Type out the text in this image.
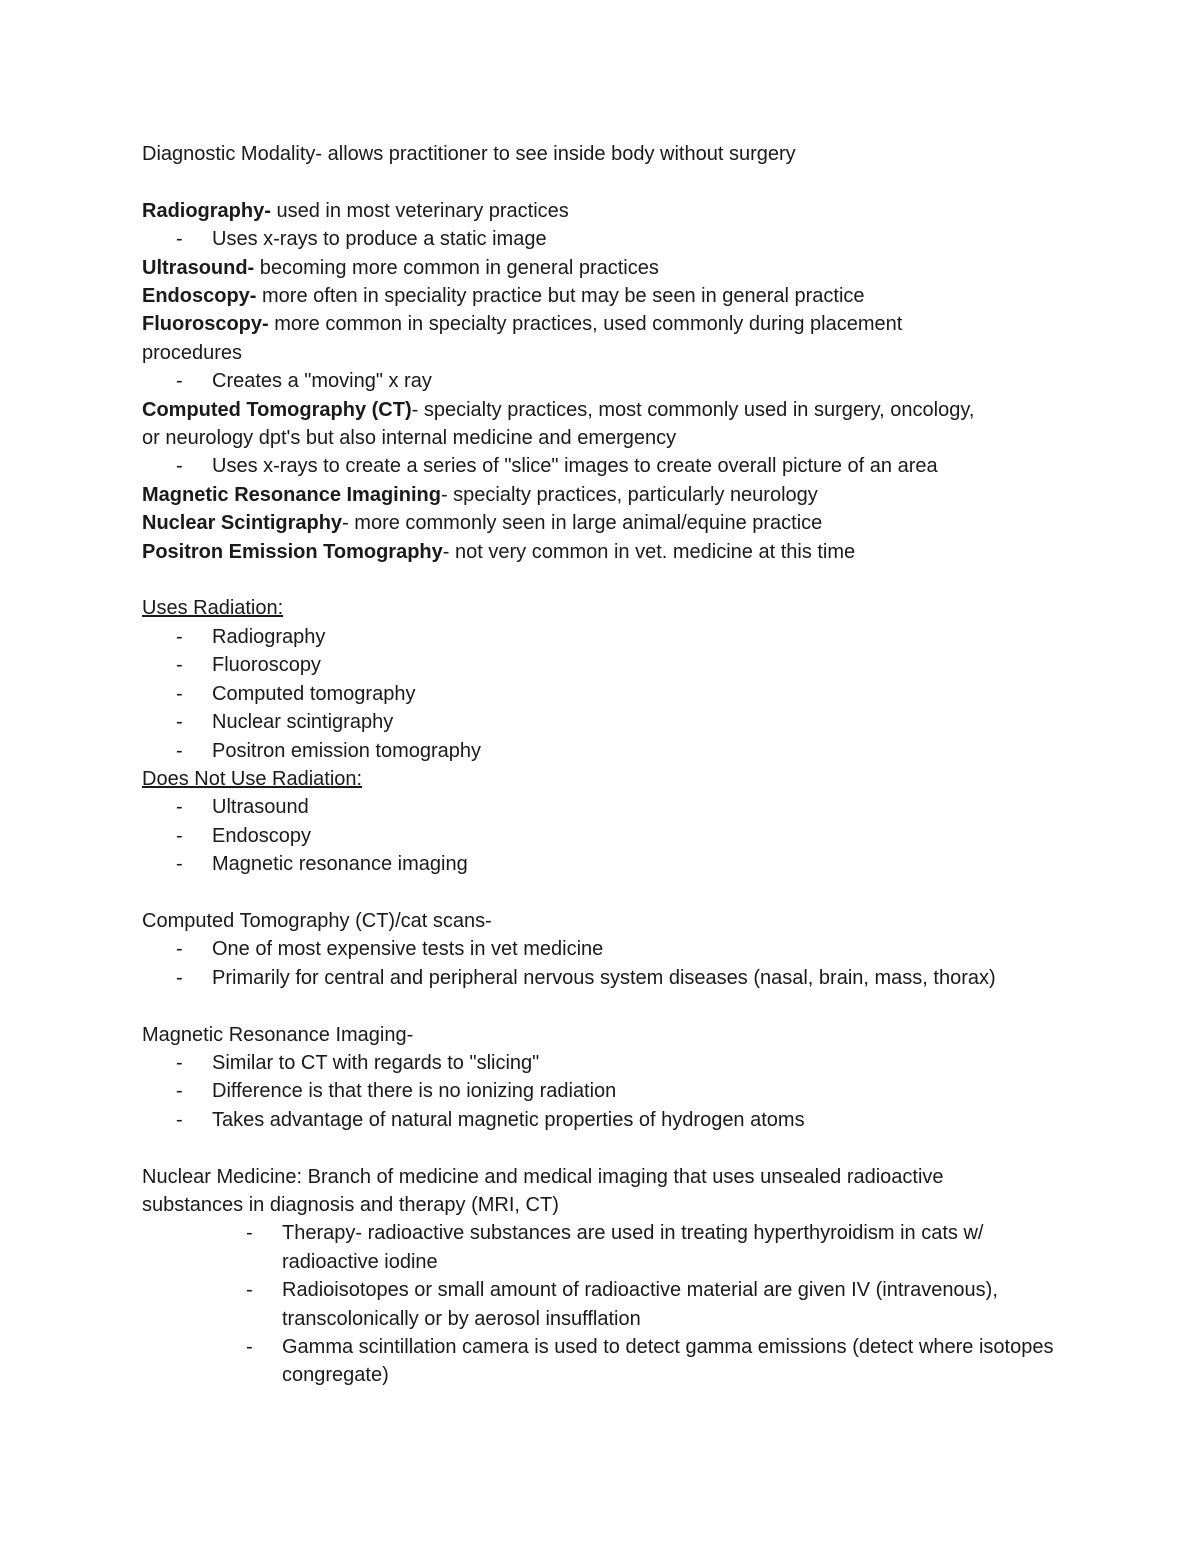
Diagnostic Modality- allows practitioner to see inside body without surgery
Radiography- used in most veterinary practices
- Uses x-rays to produce a static image
Ultrasound- becoming more common in general practices
Endoscopy- more often in speciality practice but may be seen in general practice
Fluoroscopy- more common in specialty practices, used commonly during placement
procedures
- Creates a "moving" x ray
Computed Tomography (CT)- specialty practices, most commonly used in surgery, oncology,
or neurology dpt's but also internal medicine and emergency
- Uses x-rays to create a series of "slice" images to create overall picture of an area
Magnetic Resonance Imagining- specialty practices, particularly neurology
Nuclear Scintigraphy- more commonly seen in large animal/equine practice
Positron Emission Tomography- not very common in vet. medicine at this time
Uses Radiation:
- Radiography
- Fluoroscopy
- Computed tomography
- Nuclear scintigraphy
- Positron emission tomography
Does Not Use Radiation:
- Ultrasound
- Endoscopy
- Magnetic resonance imaging
Computed Tomography (CT)/cat scans-
- One of most expensive tests in vet medicine
- Primarily for central and peripheral nervous system diseases (nasal, brain, mass, thorax)
Magnetic Resonance Imaging-
- Similar to CT with regards to "slicing"
- Difference is that there is no ionizing radiation
- Takes advantage of natural magnetic properties of hydrogen atoms
Nuclear Medicine: Branch of medicine and medical imaging that uses unsealed radioactive
substances in diagnosis and therapy (MRI, CT)
- Therapy- radioactive substances are used in treating hyperthyroidism in cats w/ radioactive iodine
- Radioisotopes or small amount of radioactive material are given IV (intravenous), transcolonically or by aerosol insufflation
- Gamma scintillation camera is used to detect gamma emissions (detect where isotopes congregate)
